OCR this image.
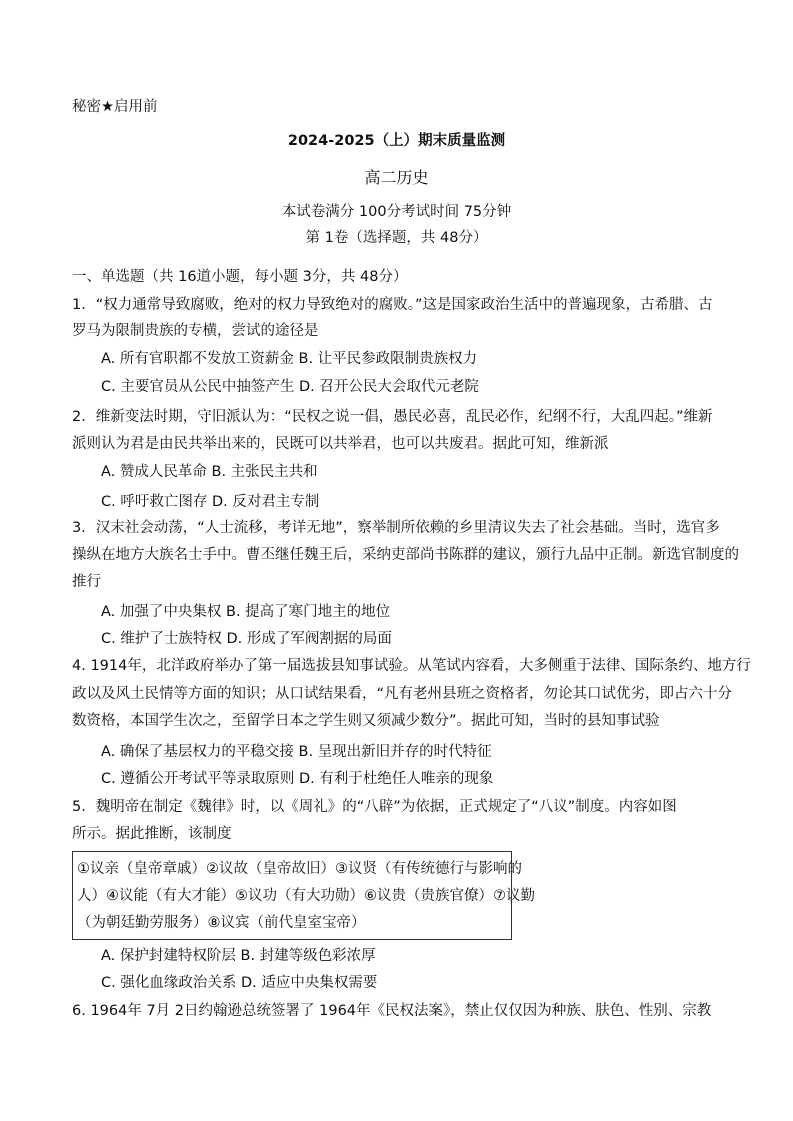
秘密★启用前
2024-2025（上）期末质量监测
高二历史
本试卷满分 100分考试时间 75分钟
第 1卷（选择题，共 48分）
一、单选题（共 16道小题，每小题 3分，共 48分）
1．“权力通常导致腐败，绝对的权力导致绝对的腐败。”这是国家政治生活中的普遍现象，古希腊、古
罗马为限制贵族的专横，尝试的途径是
A. 所有官职都不发放工资薪金 B. 让平民参政限制贵族权力
C. 主要官员从公民中抽签产生 D. 召开公民大会取代元老院
2．维新变法时期，守旧派认为：“民权之说一倡，愚民必喜，乱民必作，纪纲不行，大乱四起。”维新
派则认为君是由民共举出来的，民既可以共举君，也可以共废君。据此可知，维新派
A. 赞成人民革命 B. 主张民主共和
C. 呼吁救亡图存 D. 反对君主专制
3．汉末社会动荡，“人士流移，考详无地”，察举制所依赖的乡里清议失去了社会基础。当时，选官多
操纵在地方大族名士手中。曹丕继任魏王后，采纳吏部尚书陈群的建议，颁行九品中正制。新选官制度的
推行
A. 加强了中央集权 B. 提高了寒门地主的地位
C. 维护了士族特权 D. 形成了军阀割据的局面
4. 1914年，北洋政府举办了第一届选拔县知事试验。从笔试内容看，大多侧重于法律、国际条约、地方行
政以及风土民情等方面的知识；从口试结果看，“凡有老州县班之资格者，勿论其口试优劣，即占六十分
数资格，本国学生次之，至留学日本之学生则又须减少数分”。据此可知，当时的县知事试验
A. 确保了基层权力的平稳交接 B. 呈现出新旧并存的时代特征
C. 遵循公开考试平等录取原则 D. 有利于杜绝任人唯亲的现象
5．魏明帝在制定《魏律》时，以《周礼》的“八辟”为依据，正式规定了“八议”制度。内容如图
所示。据此推断，该制度
①议亲（皇帝章戚）②议故（皇帝故旧）③议贤（有传统德行与影响的
人）④议能（有大才能）⑤议功（有大功勋）⑥议贵（贵族官僚）⑦议勤
（为朝廷勤劳服务）⑧议宾（前代皇室宝帝）
A. 保护封建特权阶层 B. 封建等级色彩浓厚
C. 强化血缘政治关系 D. 适应中央集权需要
6. 1964年 7月 2日约翰逊总统签署了 1964年《民权法案》，禁止仅仅因为种族、肤色、性别、宗教
